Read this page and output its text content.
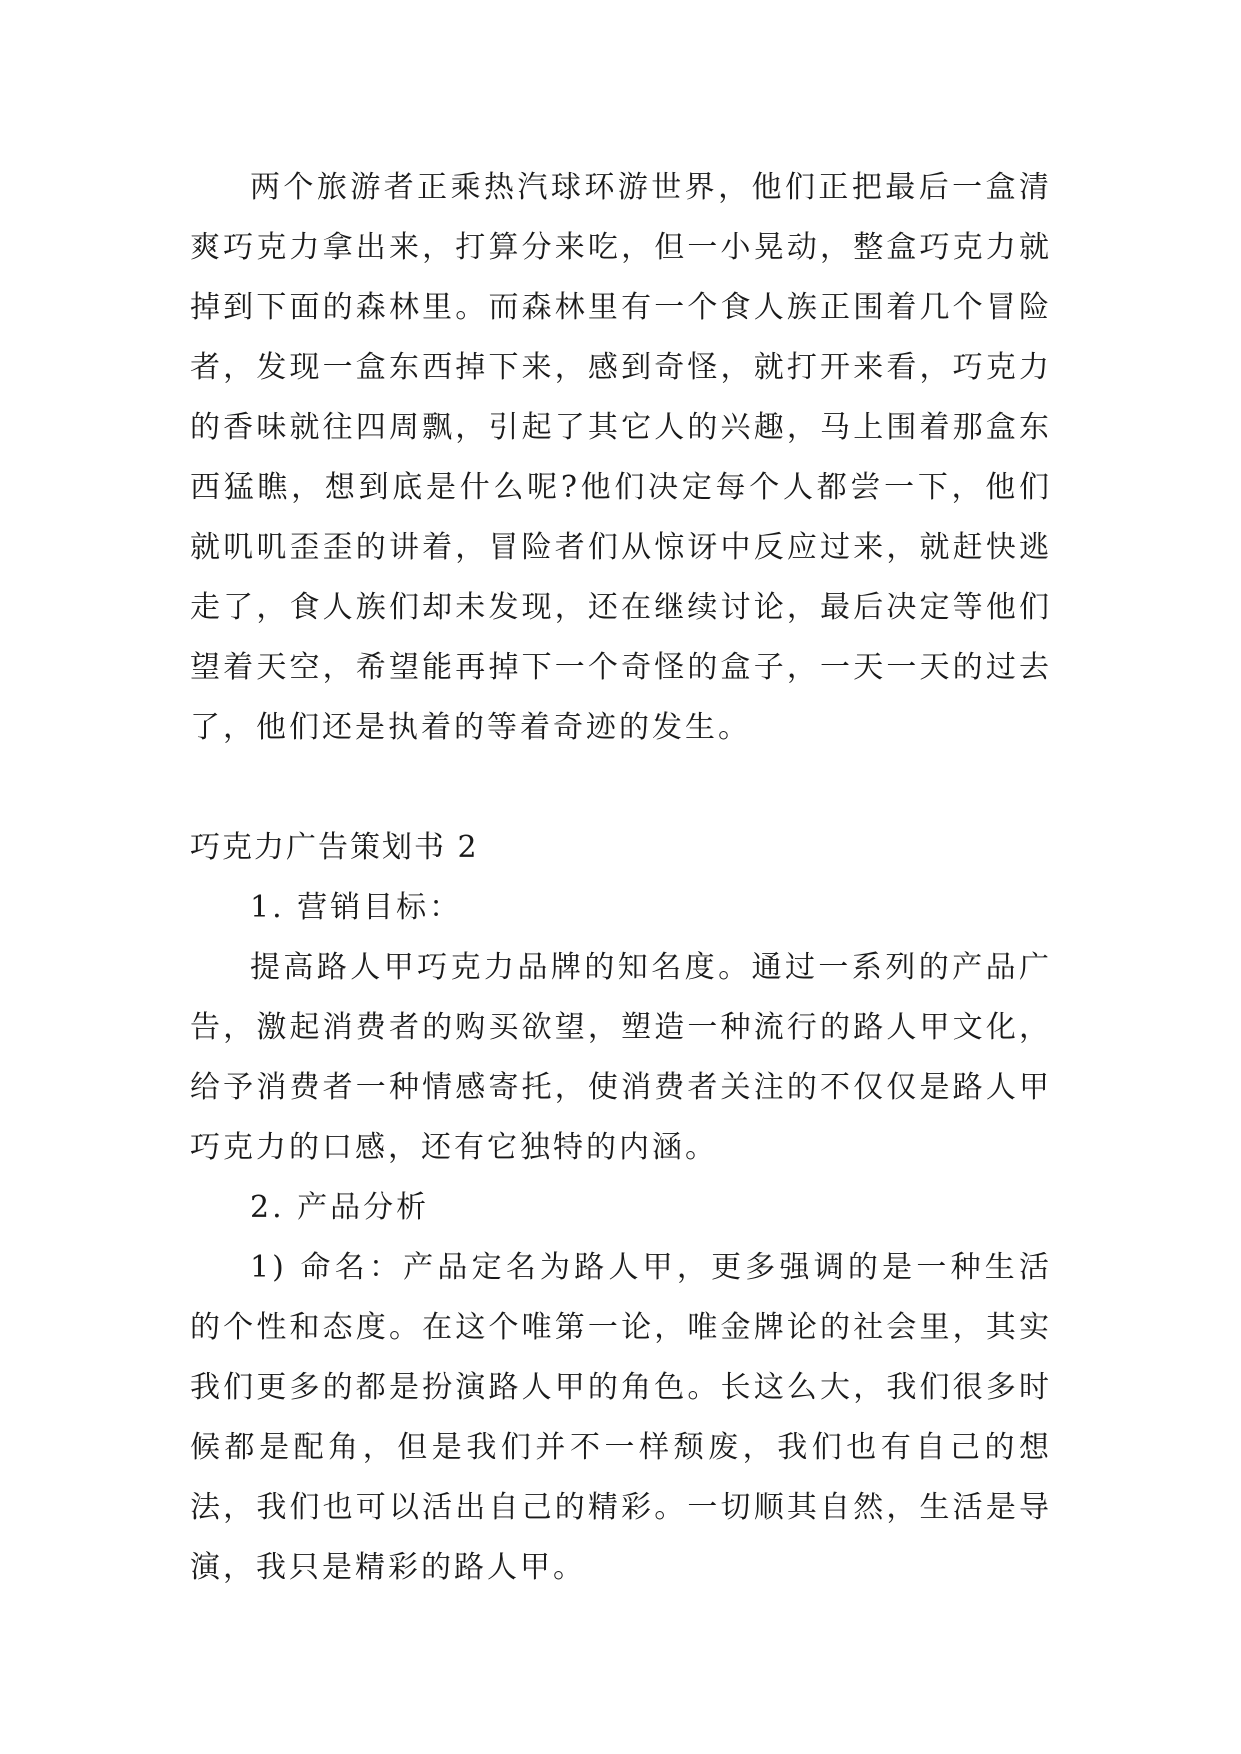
两个旅游者正乘热汽球环游世界，他们正把最后一盒清爽巧克力拿出来，打算分来吃，但一小晃动，整盒巧克力就掉到下面的森林里。而森林里有一个食人族正围着几个冒险者，发现一盒东西掉下来，感到奇怪，就打开来看，巧克力的香味就往四周飘，引起了其它人的兴趣，马上围着那盒东西猛瞧，想到底是什么呢?他们决定每个人都尝一下，他们就叽叽歪歪的讲着，冒险者们从惊讶中反应过来，就赶快逃走了，食人族们却未发现，还在继续讨论，最后决定等他们望着天空，希望能再掉下一个奇怪的盒子，一天一天的过去了，他们还是执着的等着奇迹的发生。

巧克力广告策划书 2

1. 营销目标：

提高路人甲巧克力品牌的知名度。通过一系列的产品广告，激起消费者的购买欲望，塑造一种流行的路人甲文化，给予消费者一种情感寄托，使消费者关注的不仅仅是路人甲巧克力的口感，还有它独特的内涵。

2. 产品分析

1) 命名：产品定名为路人甲，更多强调的是一种生活的个性和态度。在这个唯第一论，唯金牌论的社会里，其实我们更多的都是扮演路人甲的角色。长这么大，我们很多时候都是配角，但是我们并不一样颓废，我们也有自己的想法，我们也可以活出自己的精彩。一切顺其自然，生活是导演，我只是精彩的路人甲。
